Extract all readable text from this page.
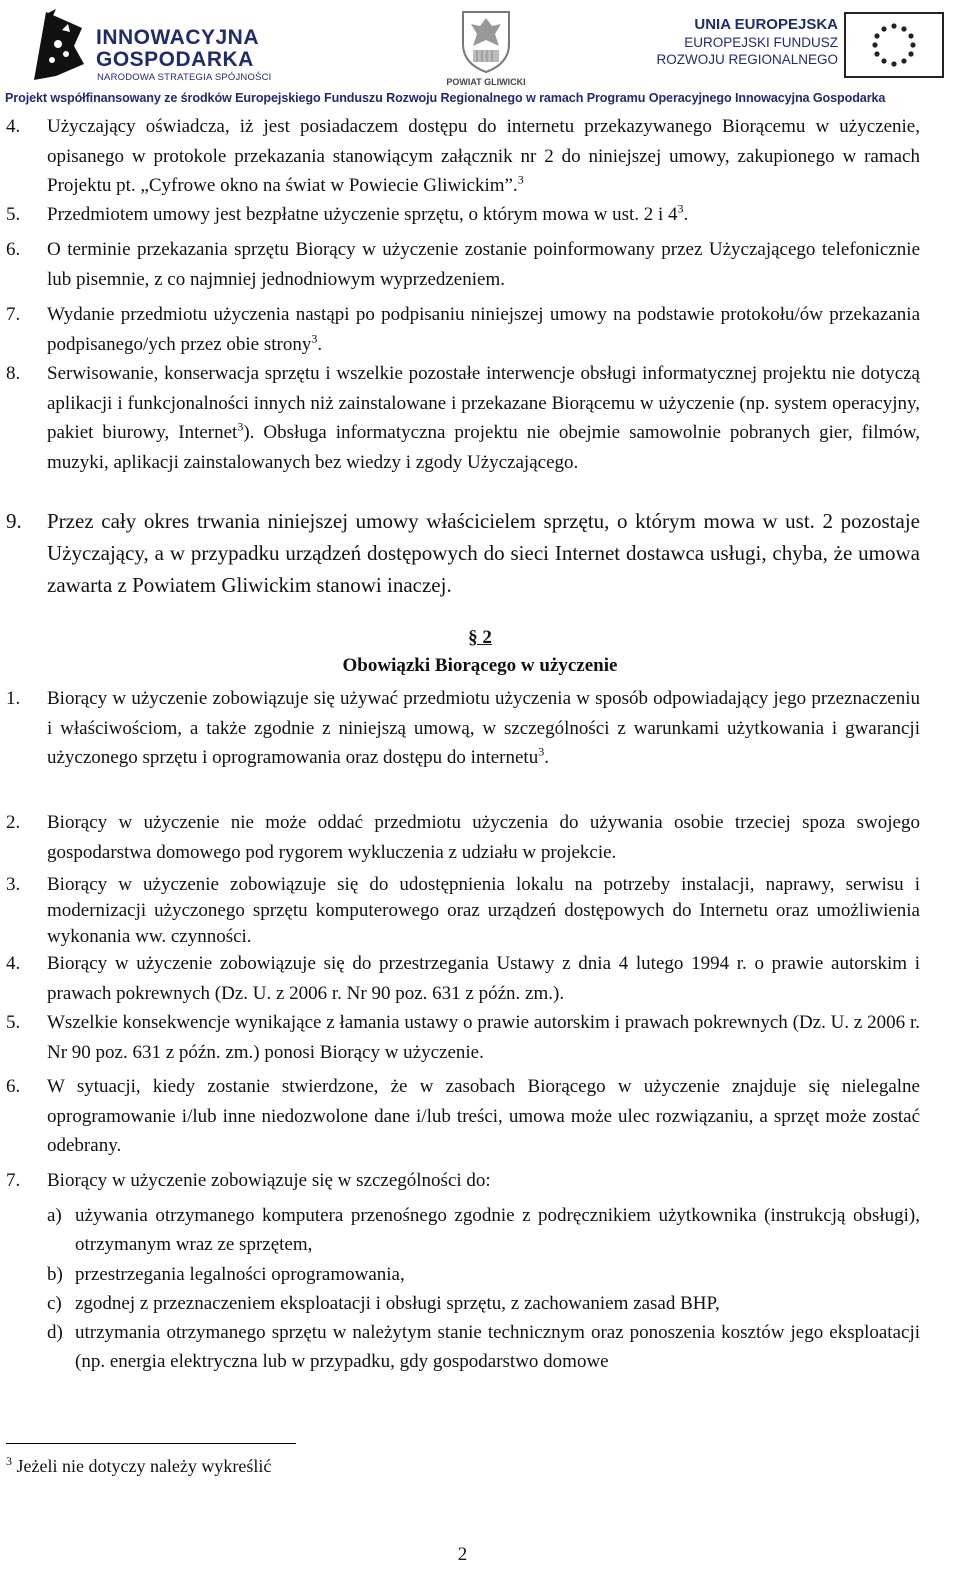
INNOWACYJNA
GOSPODARKA
NARODOWA STRATEGIA SPÓJNOŚCI	POWIAT GLIWICKI
UNIA EUROPEJSKA
EUROPEJSKI FUNDUSZ
ROZWOJU REGIONALNEGO
Projekt współfinansowany ze środków Europejskiego Funduszu Rozwoju Regionalnego w ramach Programu Operacyjnego Innowacyjna Gospodarka
4. Użyczający oświadcza, iż jest posiadaczem dostępu do internetu przekazywanego Biorącemu w użyczenie, opisanego w protokole przekazania stanowiącym załącznik nr 2 do niniejszej umowy, zakupionego w ramach Projektu pt. „Cyfrowe okno na świat w Powiecie Gliwickim”.$^3$
5. Przedmiotem umowy jest bezpłatne użyczenie sprzętu, o którym mowa w ust. 2 i $4^3$.
6. O terminie przekazania sprzętu Biorący w użyczenie zostanie poinformowany przez Użyczającego telefonicznie lub pisemnie, z co najmniej jednodniowym wyprzedzeniem.
7. Wydanie przedmiotu użyczenia nastąpi po podpisaniu niniejszej umowy na podstawie protokołu/ów przekazania podpisanego/ych przez obie strony$^3$.
8. Serwisowanie, konserwacja sprzętu i wszelkie pozostałe interwencje obsługi informatycznej projektu nie dotyczą aplikacji i funkcjonalności innych niż zainstalowane i przekazane Biorącemu w użyczenie (np. system operacyjny, pakiet biurowy, Internet$^3$). Obsługa informatyczna projektu nie obejmie samowolnie pobranych gier, filmów, muzyki, aplikacji zainstalowanych bez wiedzy i zgody Użyczającego.
9. Przez cały okres trwania niniejszej umowy właścicielem sprzętu, o którym mowa w ust. 2 pozostaje Użyczający, a w przypadku urządzeń dostępowych do sieci Internet dostawca usługi, chyba, że umowa zawarta z Powiatem Gliwickim stanowi inaczej.
§ 2
Obowiązki Biorącego w użyczenie
1. Biorący w użyczenie zobowiązuje się używać przedmiotu użyczenia w sposób odpowiadający jego przeznaczeniu i właściwościom, a także zgodnie z niniejszą umową, w szczególności z warunkami użytkowania i gwarancji użyczonego sprzętu i oprogramowania oraz dostępu do internetu$^3$.
2. Biorący w użyczenie nie może oddać przedmiotu użyczenia do używania osobie trzeciej spoza swojego gospodarstwa domowego pod rygorem wykluczenia z udziału w projekcie.
3. Biorący w użyczenie zobowiązuje się do udostępnienia lokalu na potrzeby instalacji, naprawy, serwisu i modernizacji użyczonego sprzętu komputerowego oraz urządzeń dostępowych do Internetu oraz umożliwienia wykonania ww. czynności.
4. Biorący w użyczenie zobowiązuje się do przestrzegania Ustawy z dnia 4 lutego 1994 r. o prawie autorskim i prawach pokrewnych (Dz. U. z 2006 r. Nr 90 poz. 631 z późn. zm.).
5. Wszelkie konsekwencje wynikające z łamania ustawy o prawie autorskim i prawach pokrewnych (Dz. U. z 2006 r. Nr 90 poz. 631 z późn. zm.) ponosi Biorący w użyczenie.
6. W sytuacji, kiedy zostanie stwierdzone, że w zasobach Biorącego w użyczenie znajduje się nielegalne oprogramowanie i/lub inne niedozwolone dane i/lub treści, umowa może ulec rozwiązaniu, a sprzęt może zostać odebrany.
7. Biorący w użyczenie zobowiązuje się w szczególności do:
a) używania otrzymanego komputera przenośnego zgodnie z podręcznikiem użytkownika (instrukcją obsługi), otrzymanym wraz ze sprzętem,
b) przestrzegania legalności oprogramowania,
c) zgodnej z przeznaczeniem eksploatacji i obsługi sprzętu, z zachowaniem zasad BHP,
d) utrzymania otrzymanego sprzętu w należytym stanie technicznym oraz ponoszenia kosztów jego eksploatacji (np. energia elektryczna lub w przypadku, gdy gospodarstwo domowe
$^3$ Jeżeli nie dotyczy należy wykreślić
2
